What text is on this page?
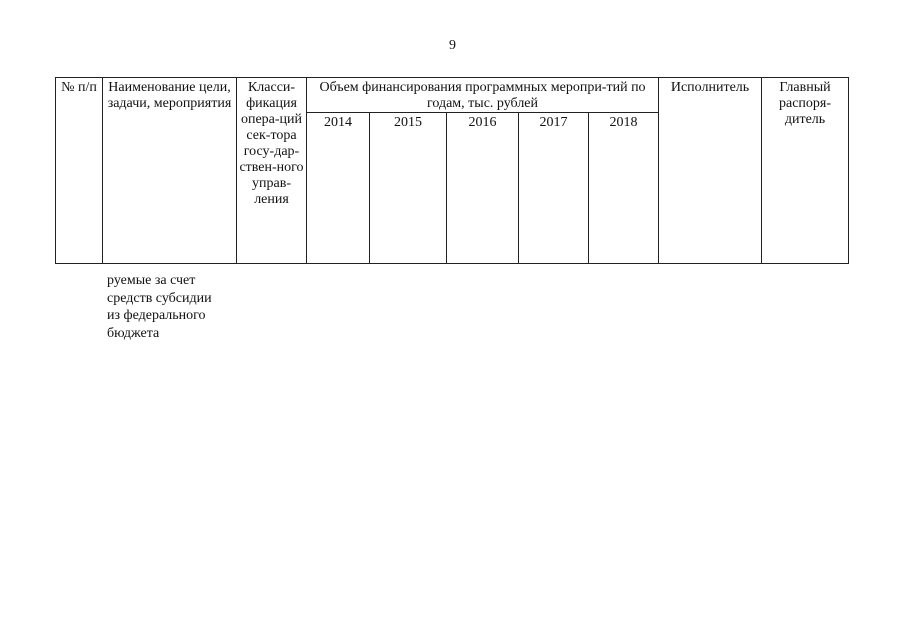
9
№ п/п	Наименование цели, задачи, мероприятия	Класси-фикация опера-ций сек-тора госу-дар-ствен-ного управ-ления	Объем финансирования программных меропри-тий по годам, тыс. рублей					Исполнитель	Главный распоря-дитель
			2014	2015	2016	2017	2018		
руемые за счет
средств субсидии
из федерального
бюджета
